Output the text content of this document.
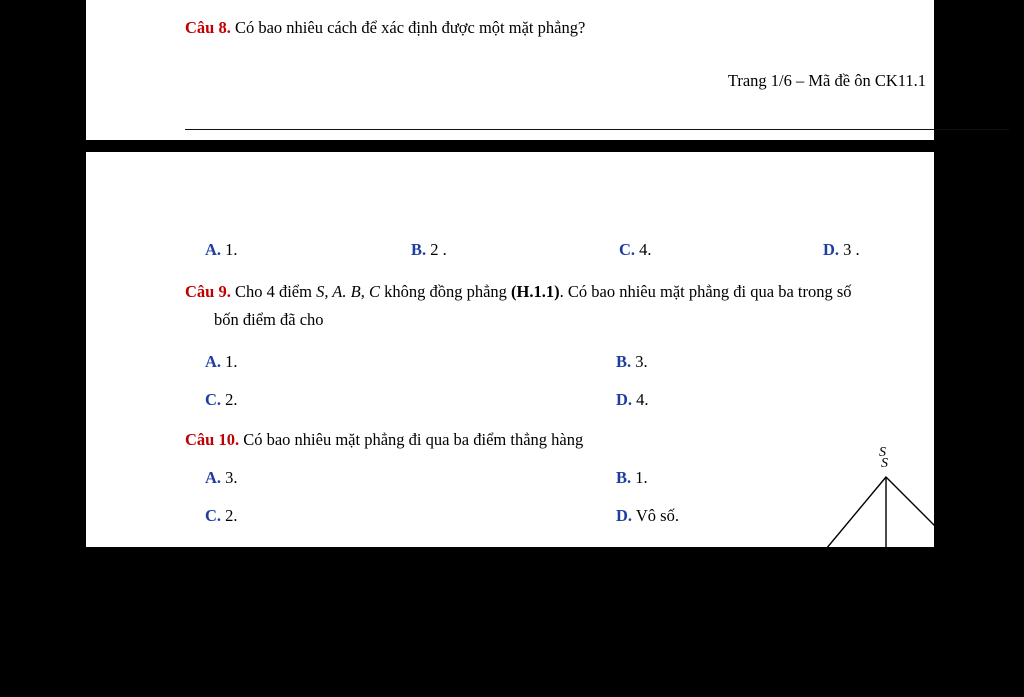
Câu 8. Có bao nhiêu cách để xác định được một mặt phẳng?
Trang 1/6 – Mã đề ôn CK11.1
A. 1.	B. 2 .	C. 4.	D. 3 .
Câu 9. Cho 4 điểm S, A. B, C không đồng phẳng (H.1.1). Có bao nhiêu mặt phẳng đi qua ba trong số
bốn điểm đã cho
A. 1.	B. 3.
C. 2.	D. 4.
Câu 10. Có bao nhiêu mặt phẳng đi qua ba điểm thẳng hàng
A. 3.	B. 1.
C. 2.	D. Vô số.
Hình 1.1
S
S
A	C
B
